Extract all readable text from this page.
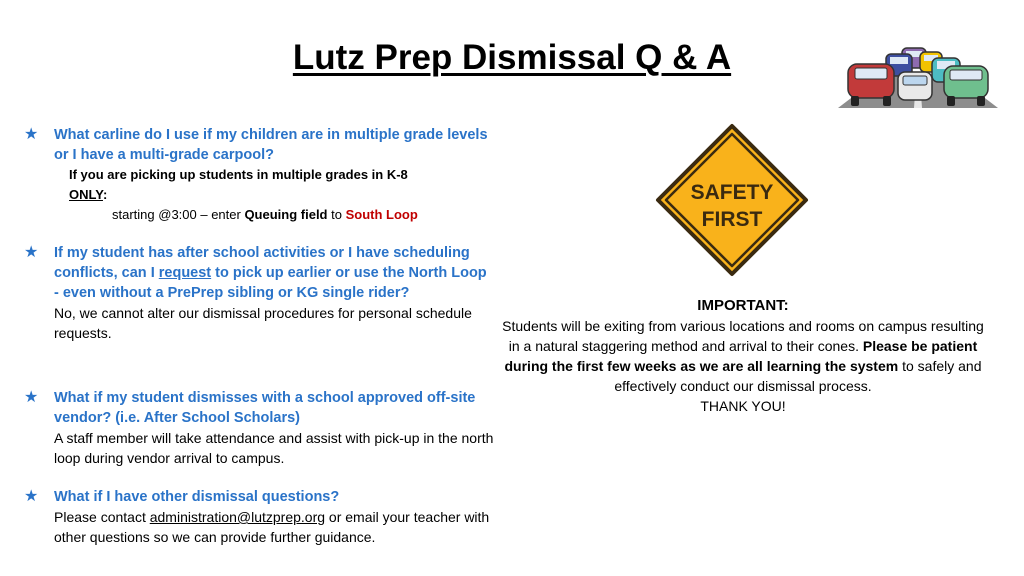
Lutz Prep Dismissal Q & A
★ What carline do I use if my children are in multiple grade levels or I have a multi-grade carpool?
If you are picking up students in multiple grades in K-8
ONLY:
starting @3:00 – enter Queuing field to South Loop
★ If my student has after school activities or I have scheduling conflicts, can I request to pick up earlier or use the North Loop - even without a PrePrep sibling or KG single rider?
No, we cannot alter our dismissal procedures for personal schedule requests.
★ What if my student dismisses with a school approved off-site vendor? (i.e. After School Scholars)
A staff member will take attendance and assist with pick-up in the north loop during vendor arrival to campus.
★ What if I have other dismissal questions?
Please contact administration@lutzprep.org or email your teacher with other questions so we can provide further guidance.
SAFETY
FIRST
IMPORTANT:
Students will be exiting from various locations and rooms on campus resulting in a natural staggering method and arrival to their cones. Please be patient during the first few weeks as we are all learning the system to safely and effectively conduct our dismissal process.
THANK YOU!
